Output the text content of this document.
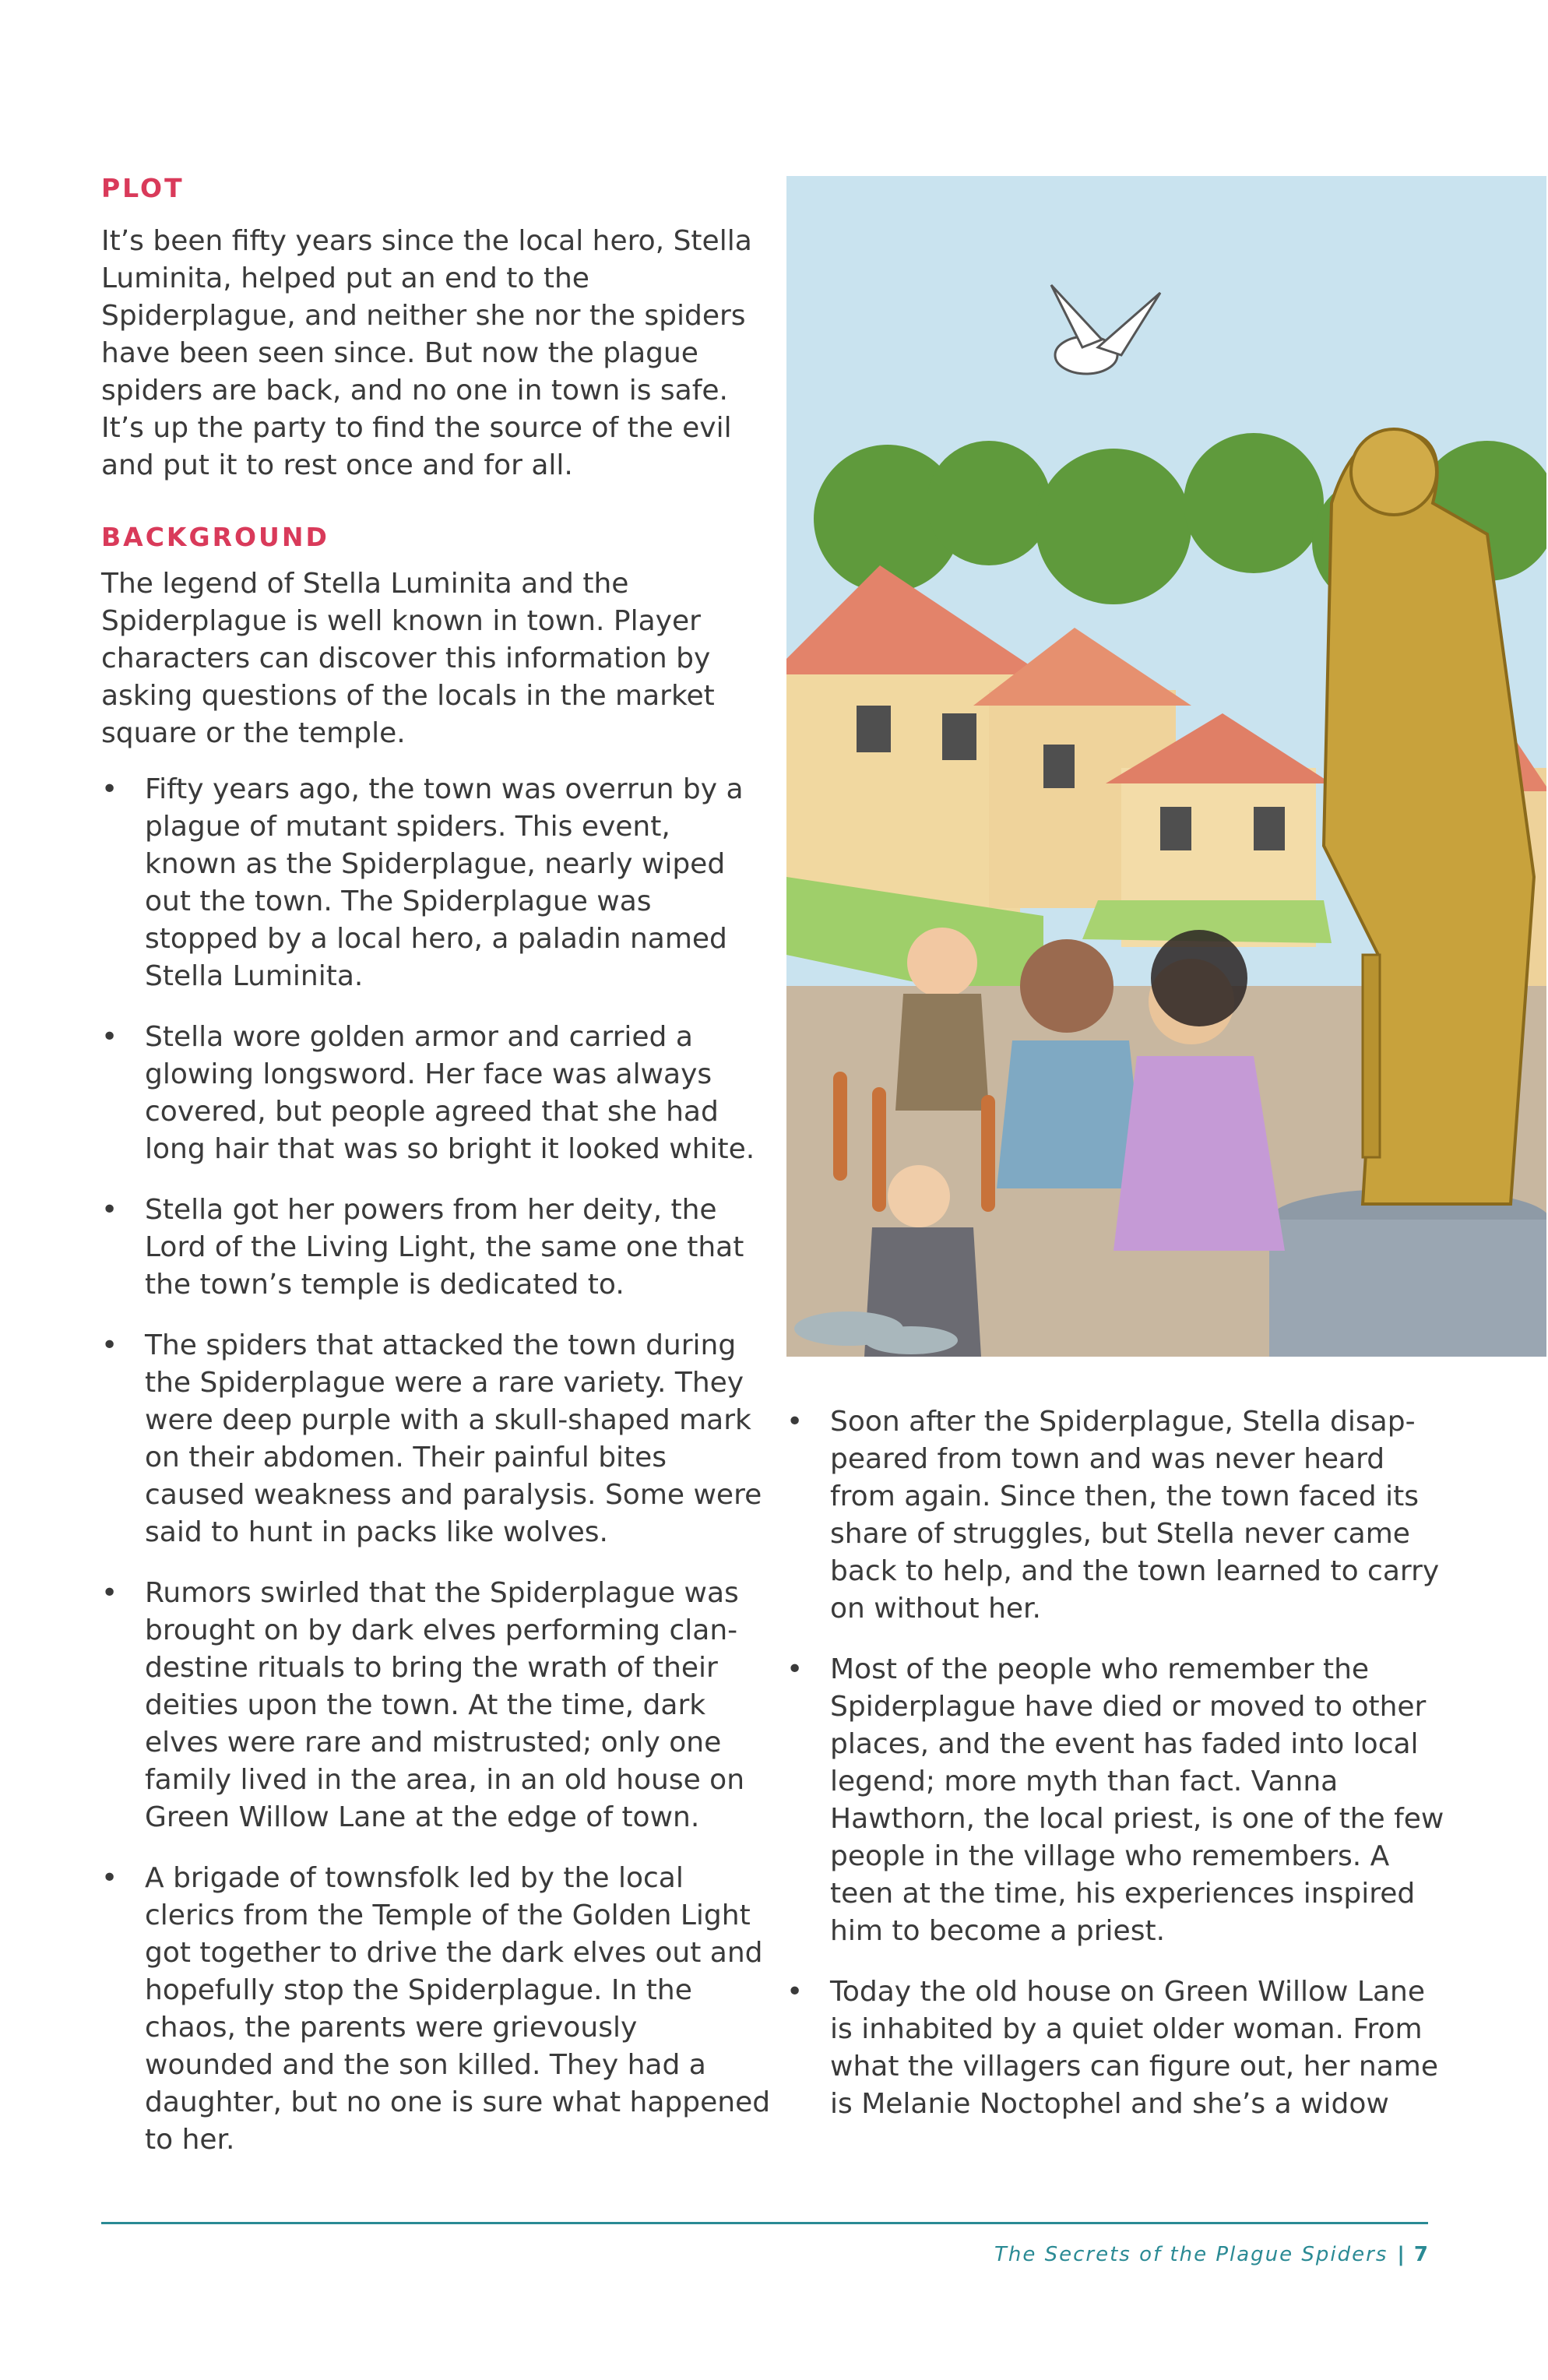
PLOT

It’s been fifty years since the local hero, Stella Luminita, helped put an end to the Spiderplague, and neither she nor the spiders have been seen since. But now the plague spiders are back, and no one in town is safe. It’s up the party to find the source of the evil and put it to rest once and for all.

BACKGROUND

The legend of Stella Luminita and the Spiderplague is well known in town. Player characters can discover this information by asking questions of the locals in the market square or the temple.

• Fifty years ago, the town was overrun by a plague of mutant spiders. This event, known as the Spiderplague, nearly wiped out the town. The Spiderplague was stopped by a local hero, a paladin named Stella Luminita.
• Stella wore golden armor and carried a glowing longsword. Her face was always covered, but people agreed that she had long hair that was so bright it looked white.
• Stella got her powers from her deity, the Lord of the Living Light, the same one that the town’s temple is dedicated to.
• The spiders that attacked the town during the Spiderplague were a rare variety. They were deep purple with a skull-shaped mark on their abdomen. Their painful bites caused weakness and paralysis. Some were said to hunt in packs like wolves.
• Rumors swirled that the Spiderplague was brought on by dark elves performing clan-destine rituals to bring the wrath of their deities upon the town. At the time, dark elves were rare and mistrusted; only one family lived in the area, in an old house on Green Willow Lane at the edge of town.
• A brigade of townsfolk led by the local clerics from the Temple of the Golden Light got together to drive the dark elves out and hopefully stop the Spiderplague. In the chaos, the parents were grievously wounded and the son killed. They had a daughter, but no one is sure what happened to her.
• Soon after the Spiderplague, Stella disap-peared from town and was never heard from again. Since then, the town faced its share of struggles, but Stella never came back to help, and the town learned to carry on without her.
• Most of the people who remember the Spiderplague have died or moved to other places, and the event has faded into local legend; more myth than fact. Vanna Hawthorn, the local priest, is one of the few people in the village who remembers. A teen at the time, his experiences inspired him to become a priest.
• Today the old house on Green Willow Lane is inhabited by a quiet older woman. From what the villagers can figure out, her name is Melanie Noctophel and she’s a widow
The Secrets of the Plague Spiders | 7
